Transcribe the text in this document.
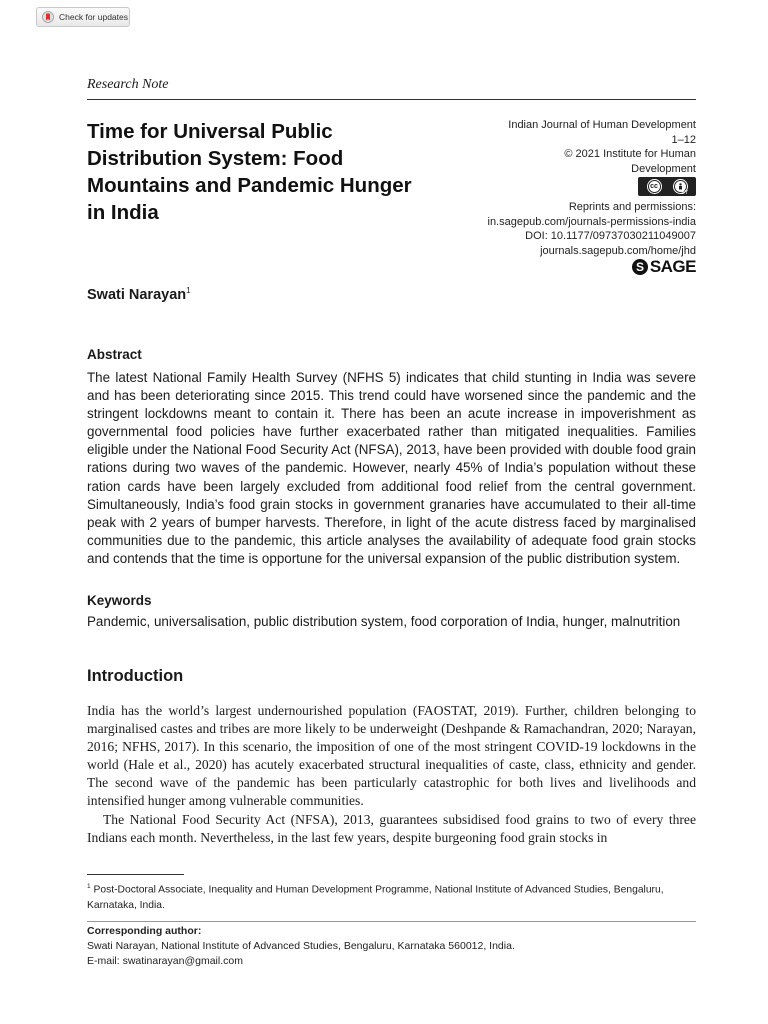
Check for updates
Research Note
Time for Universal Public Distribution System: Food Mountains and Pandemic Hunger in India
Indian Journal of Human Development
1–12
© 2021 Institute for Human Development
cc
BY
Reprints and permissions:
in.sagepub.com/journals-permissions-india
DOI: 10.1177/09737030211049007
journals.sagepub.com/home/jhd
S SAGE
Swati Narayan$^1$
Abstract
The latest National Family Health Survey (NFHS 5) indicates that child stunting in India was severe and has been deteriorating since 2015. This trend could have worsened since the pandemic and the stringent lockdowns meant to contain it. There has been an acute increase in impoverishment as governmental food policies have further exacerbated rather than mitigated inequalities. Families eligible under the National Food Security Act (NFSA), 2013, have been provided with double food grain rations during two waves of the pandemic. However, nearly 45% of India’s population without these ration cards have been largely excluded from additional food relief from the central government. Simultaneously, India’s food grain stocks in government granaries have accumulated to their all-time peak with 2 years of bumper harvests. Therefore, in light of the acute distress faced by marginalised communities due to the pandemic, this article analyses the availability of adequate food grain stocks and contends that the time is opportune for the universal expansion of the public distribution system.
Keywords
Pandemic, universalisation, public distribution system, food corporation of India, hunger, malnutrition
Introduction

India has the world’s largest undernourished population (FAOSTAT, 2019). Further, children belonging to marginalised castes and tribes are more likely to be underweight (Deshpande & Ramachandran, 2020; Narayan, 2016; NFHS, 2017). In this scenario, the imposition of one of the most stringent COVID-19 lockdowns in the world (Hale et al., 2020) has acutely exacerbated structural inequalities of caste, class, ethnicity and gender. The second wave of the pandemic has been particularly catastrophic for both lives and livelihoods and intensified hunger among vulnerable communities.

The National Food Security Act (NFSA), 2013, guarantees subsidised food grains to two of every three Indians each month. Nevertheless, in the last few years, despite burgeoning food grain stocks in

$^1$ Post-Doctoral Associate, Inequality and Human Development Programme, National Institute of Advanced Studies, Bengaluru, Karnataka, India.
Corresponding author:
Swati Narayan, National Institute of Advanced Studies, Bengaluru, Karnataka 560012, India.
E-mail: swatinarayan@gmail.com
